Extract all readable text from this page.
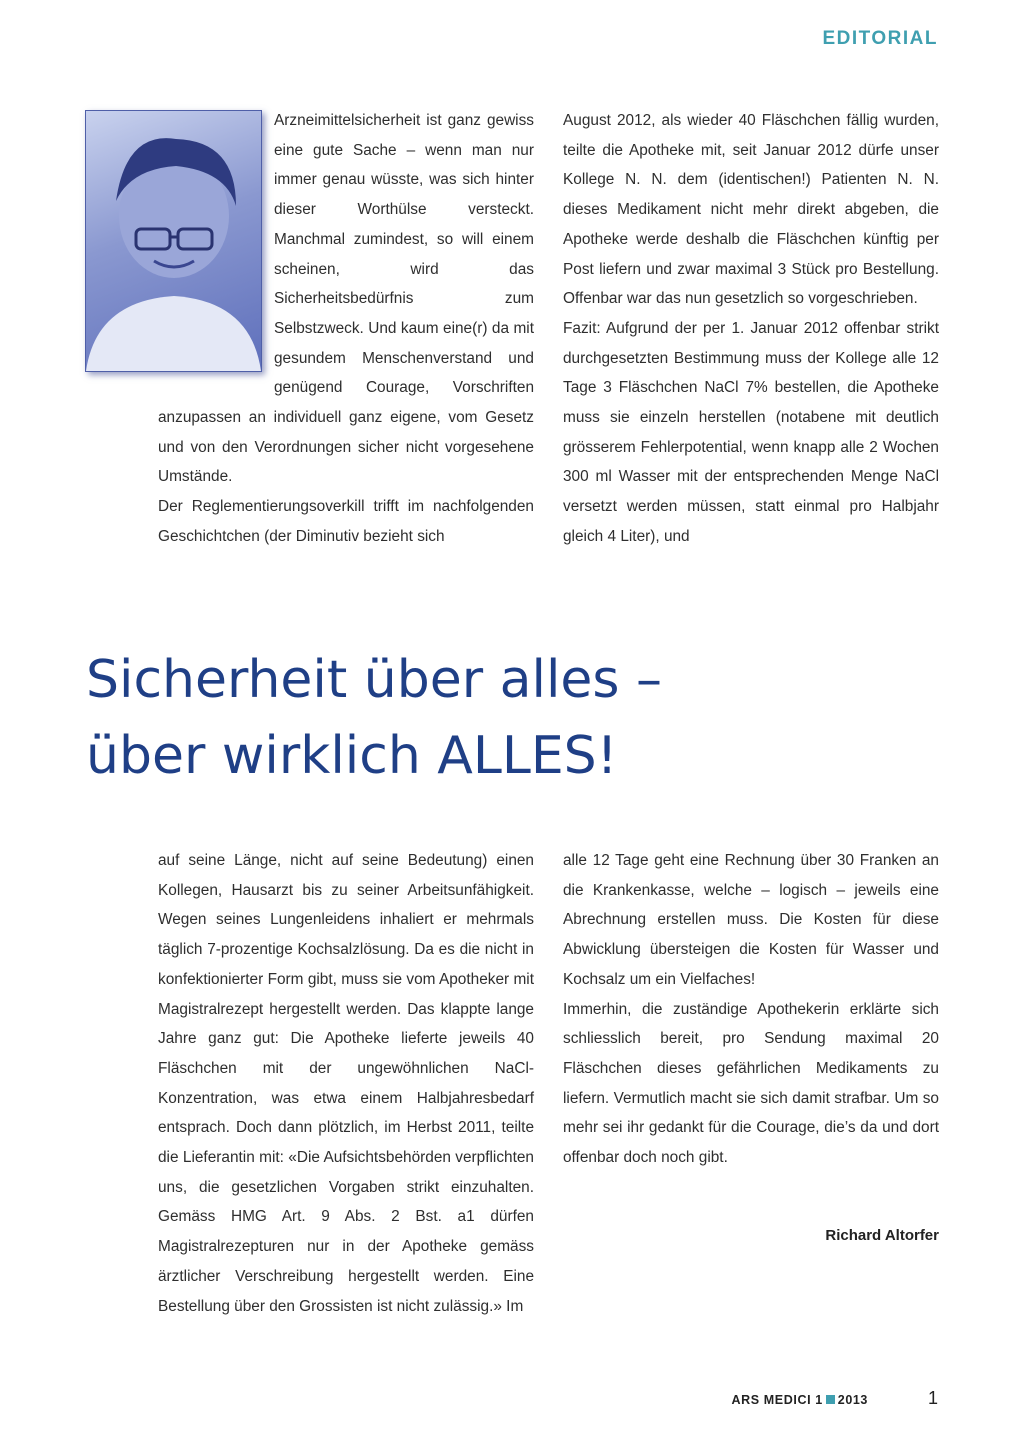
EDITORIAL

Arzneimittelsicherheit ist ganz gewiss eine gute Sache – wenn man nur immer genau wüsste, was sich hinter dieser Worthülse versteckt. Manchmal zumindest, so will einem scheinen, wird das Sicherheitsbedürfnis zum Selbstzweck. Und kaum eine(r) da mit gesundem Menschenverstand und genügend Courage, Vorschriften anzupassen an individuell ganz eigene, vom Gesetz und von den Verordnungen sicher nicht vorgesehene Umstände.

Der Reglementierungsoverkill trifft im nachfolgenden Geschichtchen (der Diminutiv bezieht sich

August 2012, als wieder 40 Fläschchen fällig wurden, teilte die Apotheke mit, seit Januar 2012 dürfe unser Kollege N. N. dem (identischen!) Patienten N. N. dieses Medikament nicht mehr direkt abgeben, die Apotheke werde deshalb die Fläschchen künftig per Post liefern und zwar maximal 3 Stück pro Bestellung. Offenbar war das nun gesetzlich so vorgeschrieben.

Fazit: Aufgrund der per 1. Januar 2012 offenbar strikt durchgesetzten Bestimmung muss der Kollege alle 12 Tage 3 Fläschchen NaCl 7% bestellen, die Apotheke muss sie einzeln herstellen (notabene mit deutlich grösserem Fehlerpotential, wenn knapp alle 2 Wochen 300 ml Wasser mit der entsprechenden Menge NaCl versetzt werden müssen, statt einmal pro Halbjahr gleich 4 Liter), und

Sicherheit über alles –
über wirklich ALLES!

auf seine Länge, nicht auf seine Bedeutung) einen Kollegen, Hausarzt bis zu seiner Arbeitsunfähigkeit. Wegen seines Lungenleidens inhaliert er mehrmals täglich 7-prozentige Kochsalzlösung. Da es die nicht in konfektionierter Form gibt, muss sie vom Apotheker mit Magistralrezept hergestellt werden. Das klappte lange Jahre ganz gut: Die Apotheke lieferte jeweils 40 Fläschchen mit der ungewöhnlichen NaCl-Konzentration, was etwa einem Halbjahresbedarf entsprach. Doch dann plötzlich, im Herbst 2011, teilte die Lieferantin mit: «Die Aufsichtsbehörden verpflichten uns, die gesetzlichen Vorgaben strikt einzuhalten. Gemäss HMG Art. 9 Abs. 2 Bst. a1 dürfen Magistralrezepturen nur in der Apotheke gemäss ärztlicher Verschreibung hergestellt werden. Eine Bestellung über den Grossisten ist nicht zulässig.» Im

alle 12 Tage geht eine Rechnung über 30 Franken an die Krankenkasse, welche – logisch – jeweils eine Abrechnung erstellen muss. Die Kosten für diese Abwicklung übersteigen die Kosten für Wasser und Kochsalz um ein Vielfaches!

Immerhin, die zuständige Apothekerin erklärte sich schliesslich bereit, pro Sendung maximal 20 Fläschchen dieses gefährlichen Medikaments zu liefern. Vermutlich macht sie sich damit strafbar. Um so mehr sei ihr gedankt für die Courage, die’s da und dort offenbar doch noch gibt.

Richard Altorfer
ARS MEDICI 1 2013	1
